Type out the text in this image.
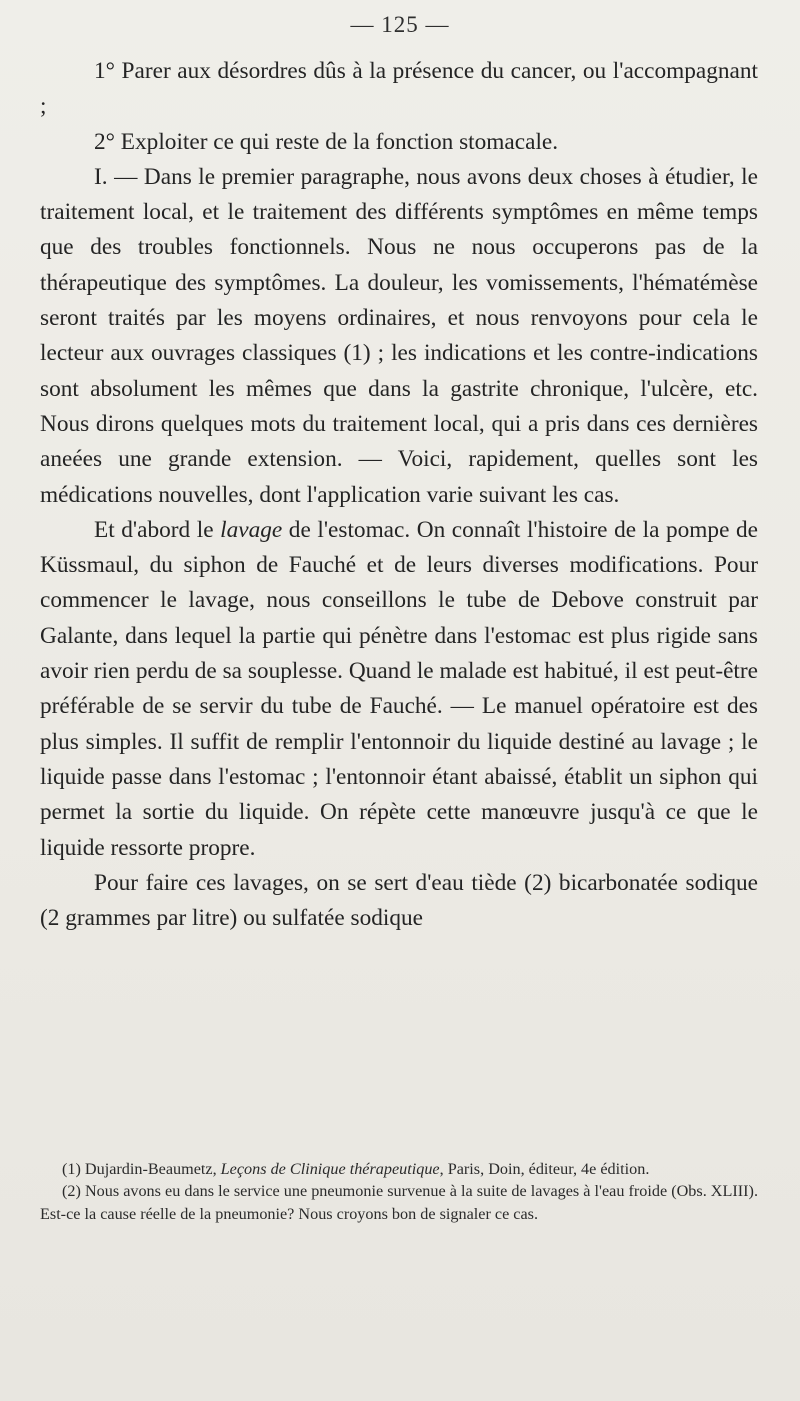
— 125 —

1° Parer aux désordres dûs à la présence du cancer, ou l'accompagnant ;

2° Exploiter ce qui reste de la fonction stomacale.

I. — Dans le premier paragraphe, nous avons deux choses à étudier, le traitement local, et le traitement des différents symptômes en même temps que des troubles fonctionnels. Nous ne nous occuperons pas de la thérapeutique des symptômes. La douleur, les vomissements, l'hématémèse seront traités par les moyens ordinaires, et nous renvoyons pour cela le lecteur aux ouvrages classiques (1) ; les indications et les contre-indications sont absolument les mêmes que dans la gastrite chronique, l'ulcère, etc. Nous dirons quelques mots du traitement local, qui a pris dans ces dernières aneées une grande extension. — Voici, rapidement, quelles sont les médications nouvelles, dont l'application varie suivant les cas.

Et d'abord le lavage de l'estomac. On connaît l'histoire de la pompe de Küssmaul, du siphon de Fauché et de leurs diverses modifications. Pour commencer le lavage, nous conseillons le tube de Debove construit par Galante, dans lequel la partie qui pénètre dans l'estomac est plus rigide sans avoir rien perdu de sa souplesse. Quand le malade est habitué, il est peut-être préférable de se servir du tube de Fauché. — Le manuel opératoire est des plus simples. Il suffit de remplir l'entonnoir du liquide destiné au lavage ; le liquide passe dans l'estomac ; l'entonnoir étant abaissé, établit un siphon qui permet la sortie du liquide. On répète cette manœuvre jusqu'à ce que le liquide ressorte propre.

Pour faire ces lavages, on se sert d'eau tiède (2) bicarbonatée sodique (2 grammes par litre) ou sulfatée sodique

(1) Dujardin-Beaumetz, Leçons de Clinique thérapeutique, Paris, Doin, éditeur, 4e édition.

(2) Nous avons eu dans le service une pneumonie survenue à la suite de lavages à l'eau froide (Obs. XLIII). Est-ce la cause réelle de la pneumonie? Nous croyons bon de signaler ce cas.
